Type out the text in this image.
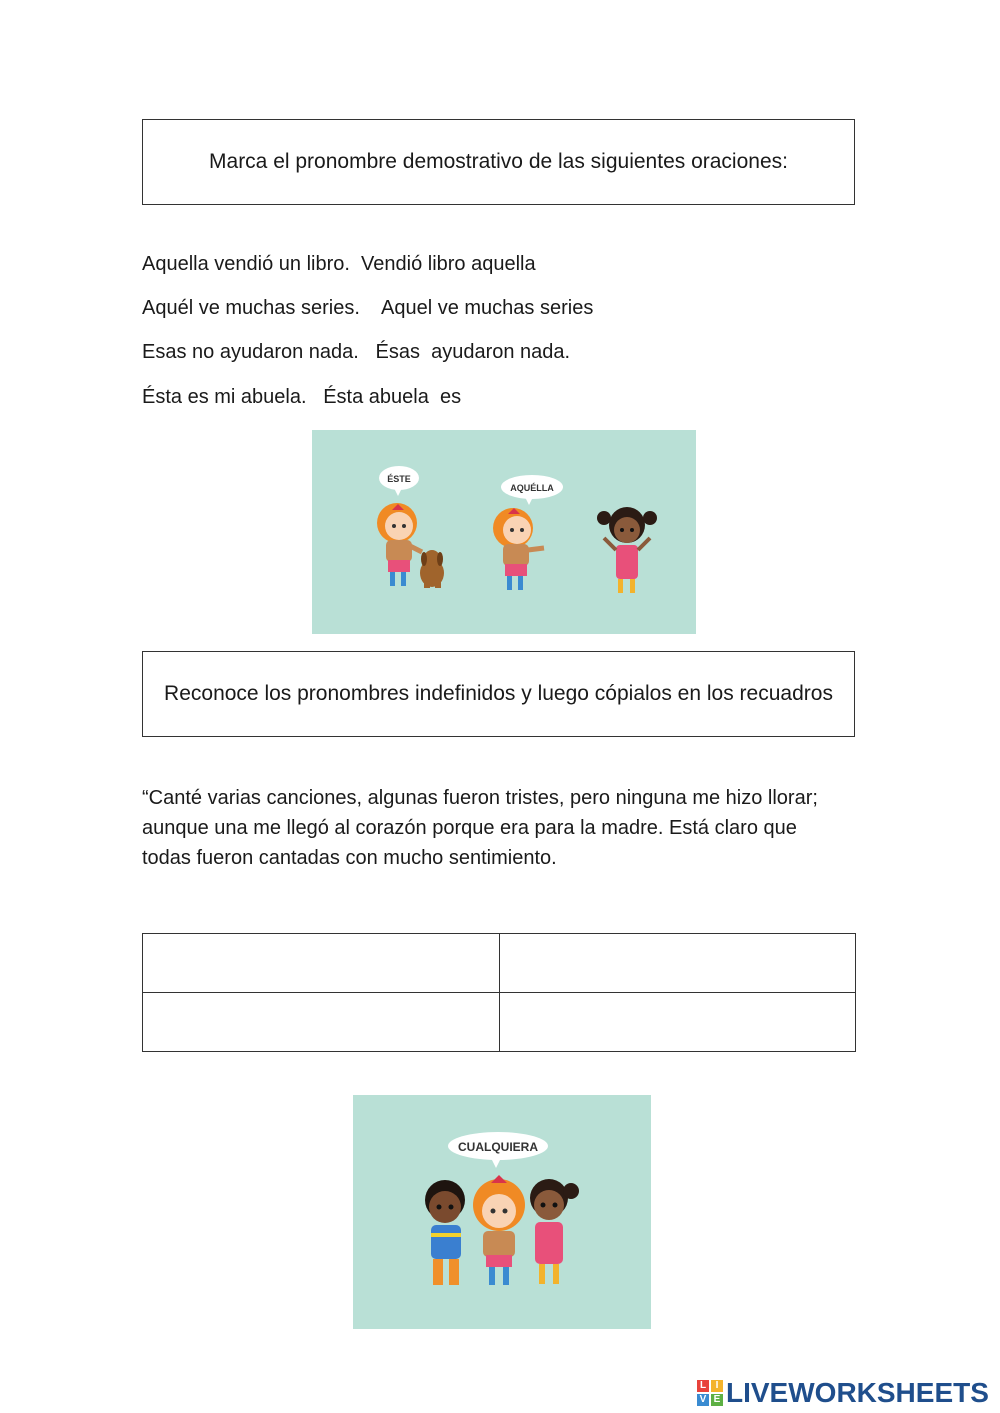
Marca el pronombre demostrativo de las siguientes oraciones:
Aquella vendió un libro.  Vendió libro aquella
Aquél ve muchas series.    Aquel ve muchas series
Esas no ayudaron nada.   Ésas  ayudaron nada.
Ésta es mi abuela.   Ésta abuela  es
ÉSTE
AQUÉLLA
Reconoce los pronombres indefinidos y luego cópialos en los recuadros
“Canté varias canciones, algunas fueron tristes, pero ninguna me hizo llorar; aunque una me llegó al corazón porque era para la madre. Está claro que todas fueron cantadas con mucho sentimiento.

CUALQUIERA
L I
V E LIVEWORKSHEETS
